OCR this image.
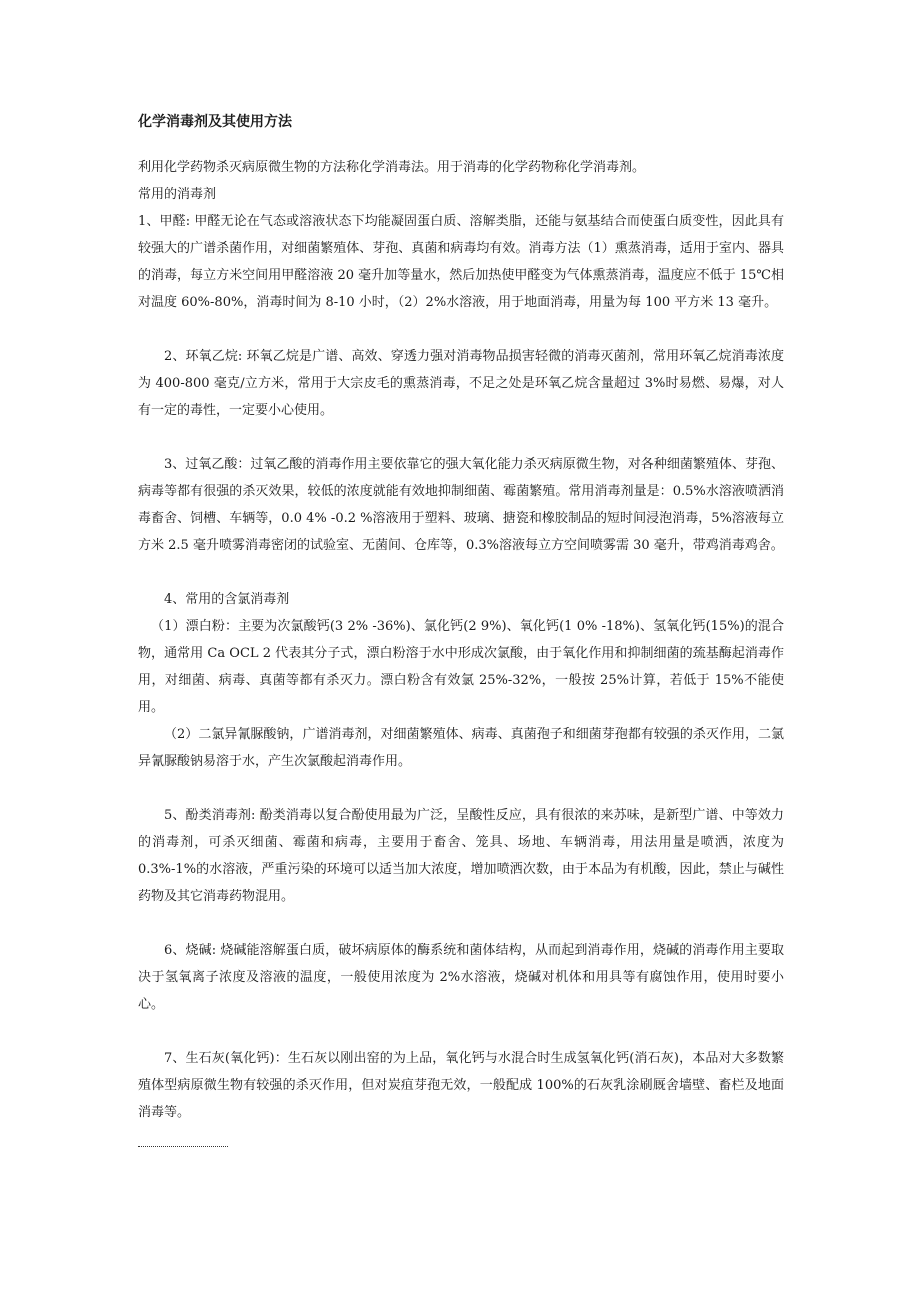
化学消毒剂及其使用方法

利用化学药物杀灭病原微生物的方法称化学消毒法。用于消毒的化学药物称化学消毒剂。

常用的消毒剂

1、甲醛: 甲醛无论在气态或溶液状态下均能凝固蛋白质、溶解类脂，还能与氨基结合而使蛋白质变性，因此具有较强大的广谱杀菌作用，对细菌繁殖体、芽孢、真菌和病毒均有效。消毒方法（1）熏蒸消毒，适用于室内、器具的消毒，每立方米空间用甲醛溶液 20 毫升加等量水，然后加热使甲醛变为气体熏蒸消毒，温度应不低于 15℃相对温度 60%-80%，消毒时间为 8-10 小时，（2）2%水溶液，用于地面消毒，用量为每 100 平方米 13 毫升。

2、环氧乙烷: 环氧乙烷是广谱、高效、穿透力强对消毒物品损害轻微的消毒灭菌剂，常用环氧乙烷消毒浓度为 400-800 毫克/立方米，常用于大宗皮毛的熏蒸消毒，不足之处是环氧乙烷含量超过 3%时易燃、易爆，对人有一定的毒性，一定要小心使用。

3、过氧乙酸：过氧乙酸的消毒作用主要依靠它的强大氧化能力杀灭病原微生物，对各种细菌繁殖体、芽孢、病毒等都有很强的杀灭效果，较低的浓度就能有效地抑制细菌、霉菌繁殖。常用消毒剂量是：0.5%水溶液喷洒消毒畜舍、饲槽、车辆等，0.0 4% -0.2 %溶液用于塑料、玻璃、搪瓷和橡胶制品的短时间浸泡消毒，5%溶液每立方米 2.5 毫升喷雾消毒密闭的试验室、无菌间、仓库等，0.3%溶液每立方空间喷雾需 30 毫升，带鸡消毒鸡舍。

4、常用的含氯消毒剂

（1）漂白粉：主要为次氯酸钙(3 2% -36%)、氯化钙(2 9%)、氧化钙(1 0% -18%)、氢氧化钙(15%)的混合物，通常用 Ca OCL 2 代表其分子式，漂白粉溶于水中形成次氯酸，由于氧化作用和抑制细菌的巯基酶起消毒作用，对细菌、病毒、真菌等都有杀灭力。漂白粉含有效氯 25%-32%，一般按 25%计算，若低于 15%不能使用。

（2）二氯异氰脲酸钠，广谱消毒剂，对细菌繁殖体、病毒、真菌孢子和细菌芽孢都有较强的杀灭作用，二氯异氰脲酸钠易溶于水，产生次氯酸起消毒作用。

5、酚类消毒剂: 酚类消毒以复合酚使用最为广泛，呈酸性反应，具有很浓的来苏味，是新型广谱、中等效力的消毒剂，可杀灭细菌、霉菌和病毒，主要用于畜舍、笼具、场地、车辆消毒，用法用量是喷洒，浓度为 0.3%-1%的水溶液，严重污染的环境可以适当加大浓度，增加喷洒次数，由于本品为有机酸，因此，禁止与碱性药物及其它消毒药物混用。

6、烧碱: 烧碱能溶解蛋白质，破坏病原体的酶系统和菌体结构，从而起到消毒作用，烧碱的消毒作用主要取决于氢氧离子浓度及溶液的温度，一般使用浓度为 2%水溶液，烧碱对机体和用具等有腐蚀作用，使用时要小心。

7、生石灰(氧化钙)：生石灰以刚出窑的为上品，氧化钙与水混合时生成氢氧化钙(消石灰)，本品对大多数繁殖体型病原微生物有较强的杀灭作用，但对炭疽芽孢无效，一般配成 100%的石灰乳涂刷厩舍墙壁、畜栏及地面消毒等。
